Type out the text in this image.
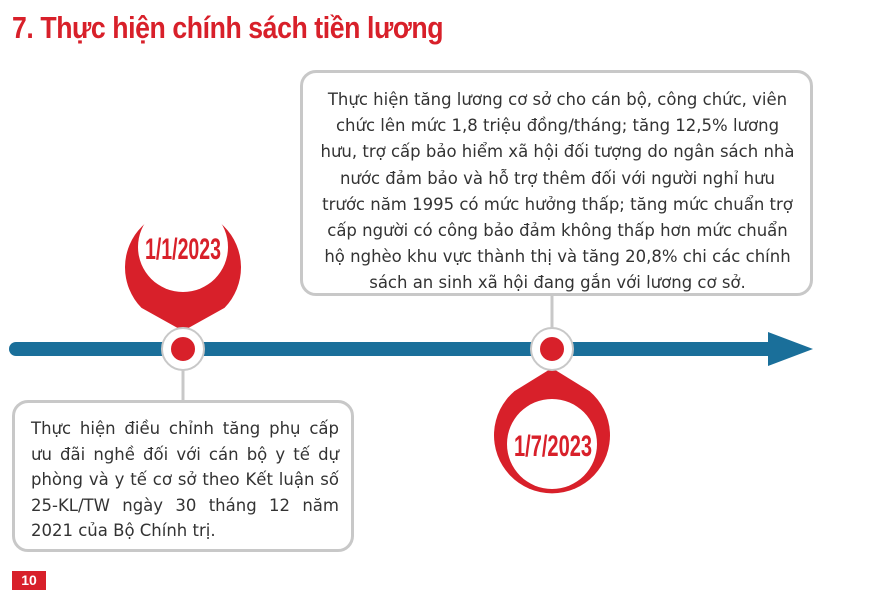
7. Thực hiện chính sách tiền lương
1/1/2023
1/7/2023
Thực hiện tăng lương cơ sở cho cán bộ, công chức, viên chức lên mức 1,8 triệu đồng/tháng; tăng 12,5% lương hưu, trợ cấp bảo hiểm xã hội đối tượng do ngân sách nhà nước đảm bảo và hỗ trợ thêm đối với người nghỉ hưu trước năm 1995 có mức hưởng thấp; tăng mức chuẩn trợ cấp người có công bảo đảm không thấp hơn mức chuẩn hộ nghèo khu vực thành thị và tăng 20,8% chi các chính sách an sinh xã hội đang gắn với lương cơ sở.
Thực hiện điều chỉnh tăng phụ cấp ưu đãi nghề đối với cán bộ y tế dự phòng và y tế cơ sở theo Kết luận số 25-KL/TW ngày 30 tháng 12 năm 2021 của Bộ Chính trị.
10
